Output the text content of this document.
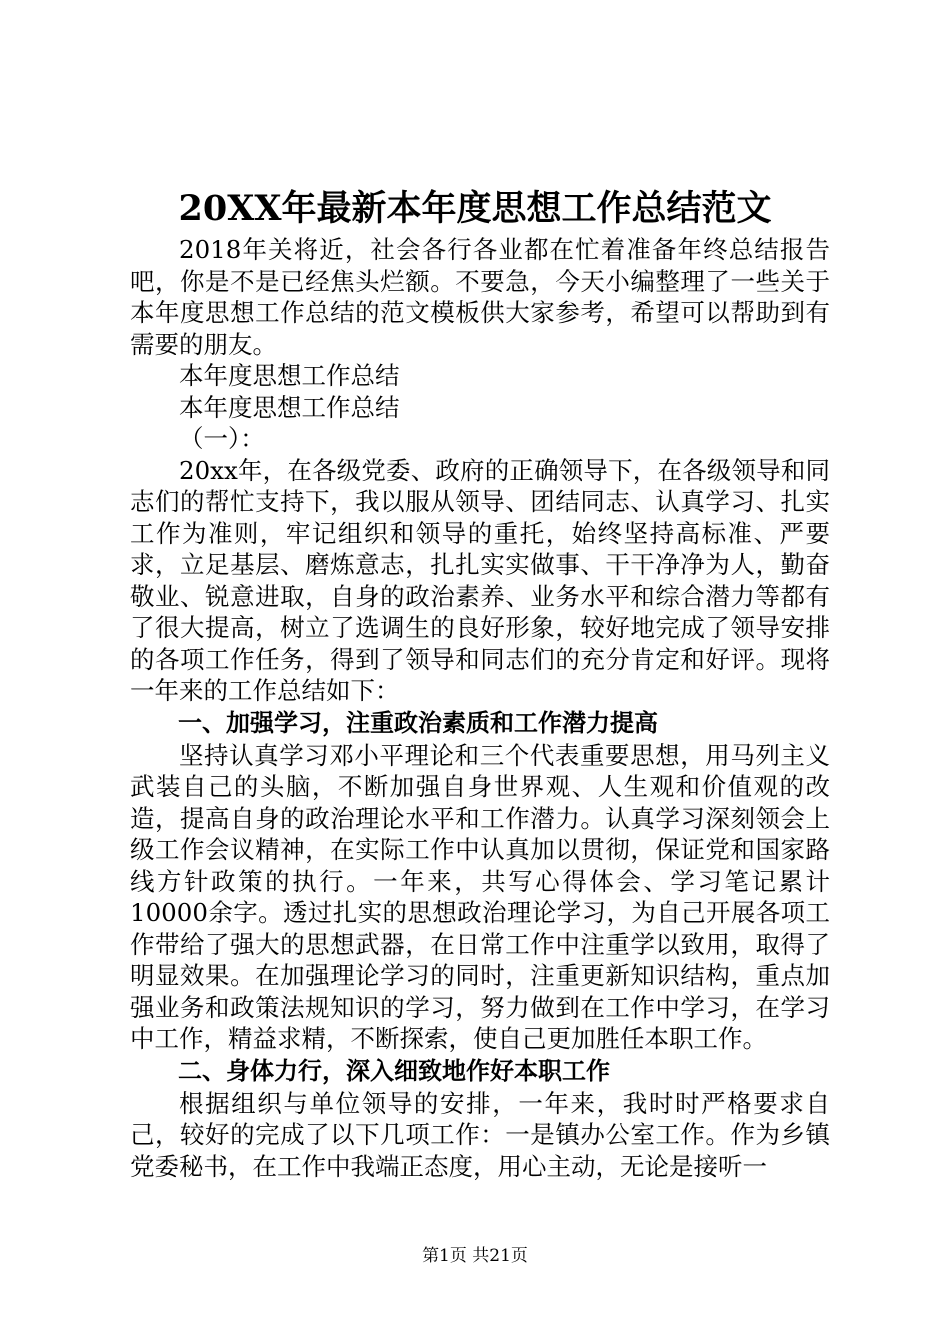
20XX年最新本年度思想工作总结范文

2018年关将近，社会各行各业都在忙着准备年终总结报告吧，你是不是已经焦头烂额。不要急，今天小编整理了一些关于本年度思想工作总结的范文模板供大家参考，希望可以帮助到有需要的朋友。

本年度思想工作总结

本年度思想工作总结

（一）：

20xx年，在各级党委、政府的正确领导下，在各级领导和同志们的帮忙支持下，我以服从领导、团结同志、认真学习、扎实工作为准则，牢记组织和领导的重托，始终坚持高标准、严要求，立足基层、磨炼意志，扎扎实实做事、干干净净为人，勤奋敬业、锐意进取，自身的政治素养、业务水平和综合潜力等都有了很大提高，树立了选调生的良好形象，较好地完成了领导安排的各项工作任务，得到了领导和同志们的充分肯定和好评。现将一年来的工作总结如下：

一、加强学习，注重政治素质和工作潜力提高

坚持认真学习邓小平理论和三个代表重要思想，用马列主义武装自己的头脑，不断加强自身世界观、人生观和价值观的改造，提高自身的政治理论水平和工作潜力。认真学习深刻领会上级工作会议精神，在实际工作中认真加以贯彻，保证党和国家路线方针政策的执行。一年来，共写心得体会、学习笔记累计10000余字。透过扎实的思想政治理论学习，为自己开展各项工作带给了强大的思想武器，在日常工作中注重学以致用，取得了明显效果。在加强理论学习的同时，注重更新知识结构，重点加强业务和政策法规知识的学习，努力做到在工作中学习，在学习中工作，精益求精，不断探索，使自己更加胜任本职工作。

二、身体力行，深入细致地作好本职工作

根据组织与单位领导的安排，一年来，我时时严格要求自己，较好的完成了以下几项工作：一是镇办公室工作。作为乡镇党委秘书，在工作中我端正态度，用心主动，无论是接听一

第1页 共21页
